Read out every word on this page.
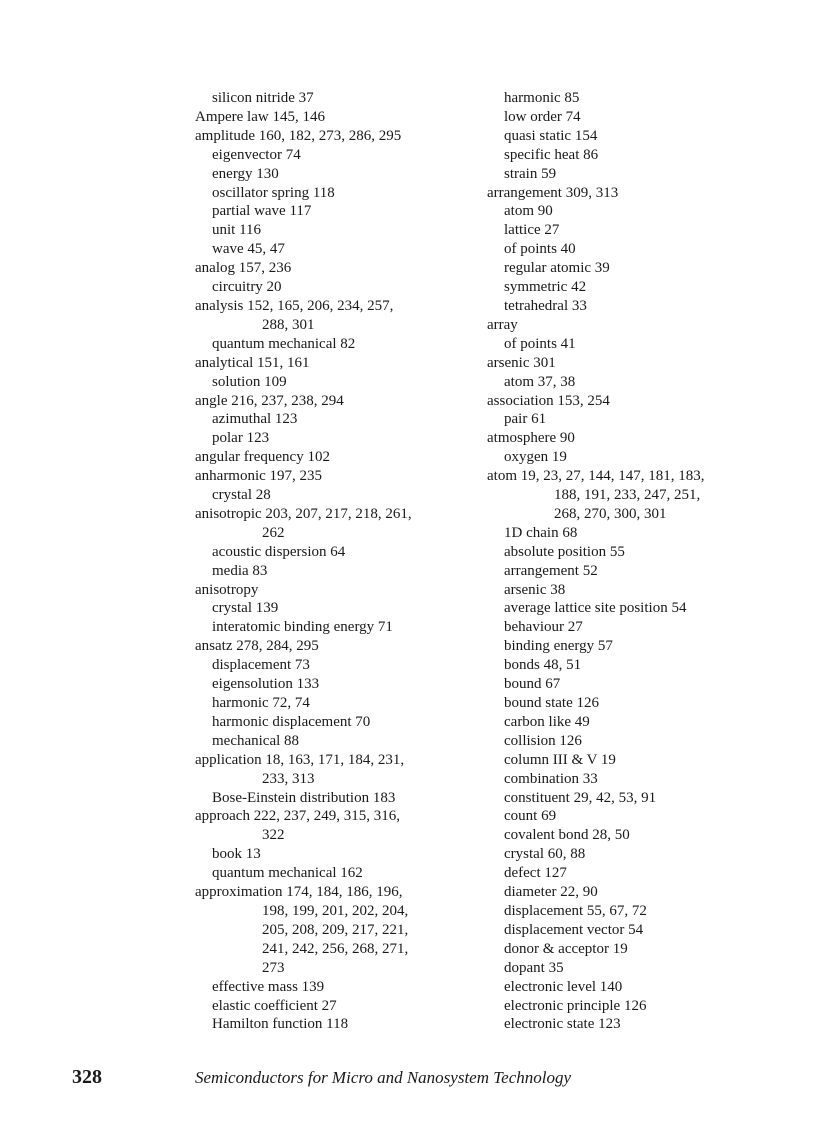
silicon nitride 37
Ampere law 145, 146
amplitude 160, 182, 273, 286, 295
eigenvector 74
energy 130
oscillator spring 118
partial wave 117
unit 116
wave 45, 47
analog 157, 236
circuitry 20
analysis 152, 165, 206, 234, 257,
288, 301
quantum mechanical 82
analytical 151, 161
solution 109
angle 216, 237, 238, 294
azimuthal 123
polar 123
angular frequency 102
anharmonic 197, 235
crystal 28
anisotropic 203, 207, 217, 218, 261,
262
acoustic dispersion 64
media 83
anisotropy
crystal 139
interatomic binding energy 71
ansatz 278, 284, 295
displacement 73
eigensolution 133
harmonic 72, 74
harmonic displacement 70
mechanical 88
application 18, 163, 171, 184, 231,
233, 313
Bose-Einstein distribution 183
approach 222, 237, 249, 315, 316,
322
book 13
quantum mechanical 162
approximation 174, 184, 186, 196,
198, 199, 201, 202, 204,
205, 208, 209, 217, 221,
241, 242, 256, 268, 271,
273
effective mass 139
elastic coefficient 27
Hamilton function 118
harmonic 85
low order 74
quasi static 154
specific heat 86
strain 59
arrangement 309, 313
atom 90
lattice 27
of points 40
regular atomic 39
symmetric 42
tetrahedral 33
array
of points 41
arsenic 301
atom 37, 38
association 153, 254
pair 61
atmosphere 90
oxygen 19
atom 19, 23, 27, 144, 147, 181, 183,
188, 191, 233, 247, 251,
268, 270, 300, 301
1D chain 68
absolute position 55
arrangement 52
arsenic 38
average lattice site position 54
behaviour 27
binding energy 57
bonds 48, 51
bound 67
bound state 126
carbon like 49
collision 126
column III & V 19
combination 33
constituent 29, 42, 53, 91
count 69
covalent bond 28, 50
crystal 60, 88
defect 127
diameter 22, 90
displacement 55, 67, 72
displacement vector 54
donor & acceptor 19
dopant 35
electronic level 140
electronic principle 126
electronic state 123
328	Semiconductors for Micro and Nanosystem Technology
